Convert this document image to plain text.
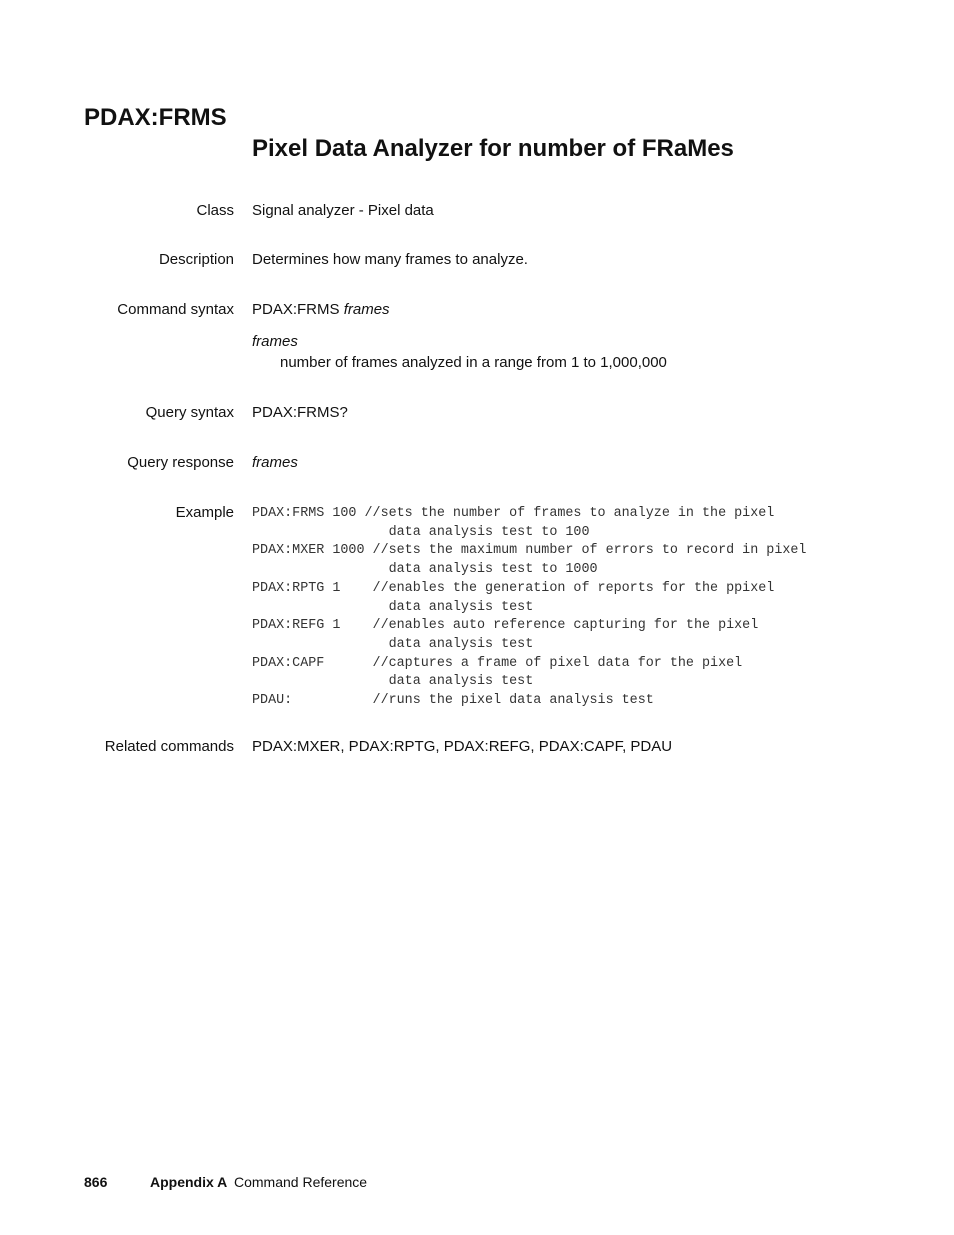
PDAX:FRMS
Pixel Data Analyzer for number of FRaMes
Class Signal analyzer - Pixel data
Description Determines how many frames to analyze.
Command syntax PDAX:FRMS frames
frames
number of frames analyzed in a range from 1 to 1,000,000
Query syntax PDAX:FRMS?
Query response frames
Example PDAX:FRMS 100 //sets the number of frames to analyze in the pixel
data analysis test to 100
PDAX:MXER 1000 //sets the maximum number of errors to record in pixel
data analysis test to 1000
PDAX:RPTG 1    //enables the generation of reports for the ppixel
data analysis test
PDAX:REFG 1    //enables auto reference capturing for the pixel
data analysis test
PDAX:CAPF      //captures a frame of pixel data for the pixel
data analysis test
PDAU:          //runs the pixel data analysis test
Related commands PDAX:MXER, PDAX:RPTG, PDAX:REFG, PDAX:CAPF, PDAU
866	Appendix A Command Reference
